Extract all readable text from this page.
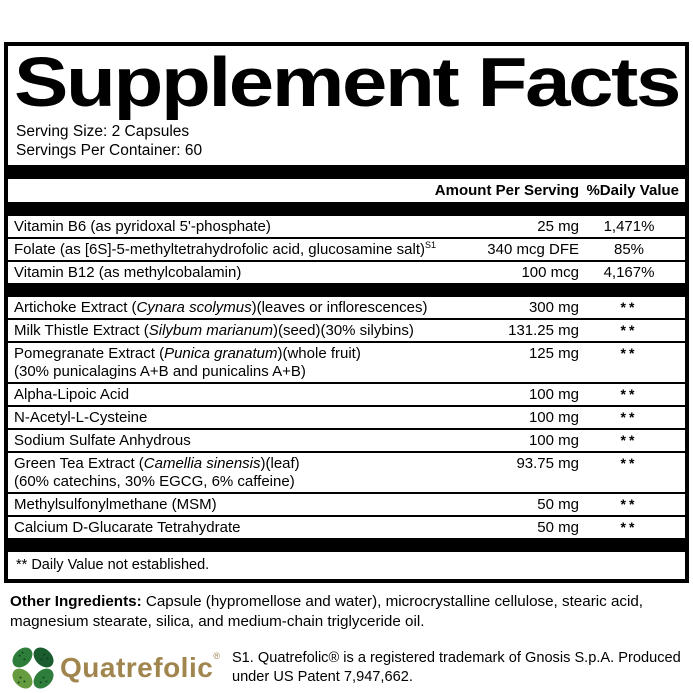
Supplement Facts
Serving Size: 2 Capsules
Servings Per Container: 60
Amount Per Serving %Daily Value
Vitamin B6 (as pyridoxal 5'-phosphate)	25 mg	1,471%
Folate (as [6S]-5-methyltetrahydrofolic acid, glucosamine salt)$^{S1}$	340 mcg DFE	85%
Vitamin B12 (as methylcobalamin)	100 mcg	4,167%
Artichoke Extract (Cynara scolymus)(leaves or inflorescences)	300 mg	**
Milk Thistle Extract (Silybum marianum)(seed)(30% silybins)	131.25 mg	**
Pomegranate Extract (Punica granatum)(whole fruit)
(30% punicalagins A+B and punicalins A+B)
125 mg	**
Alpha-Lipoic Acid	100 mg	**
N-Acetyl-L-Cysteine	100 mg	**
Sodium Sulfate Anhydrous	100 mg	**
Green Tea Extract (Camellia sinensis)(leaf)
(60% catechins, 30% EGCG, 6% caffeine)
93.75 mg	**
Methylsulfonylmethane (MSM)	50 mg	**
Calcium D-Glucarate Tetrahydrate	50 mg	**
** Daily Value not established.

Other Ingredients: Capsule (hypromellose and water), microcrystalline cellulose, stearic acid, magnesium stearate, silica, and medium-chain triglyceride oil.

Quatrefolic® S1. Quatrefolic® is a registered trademark of Gnosis S.p.A. Produced under US Patent 7,947,662.
